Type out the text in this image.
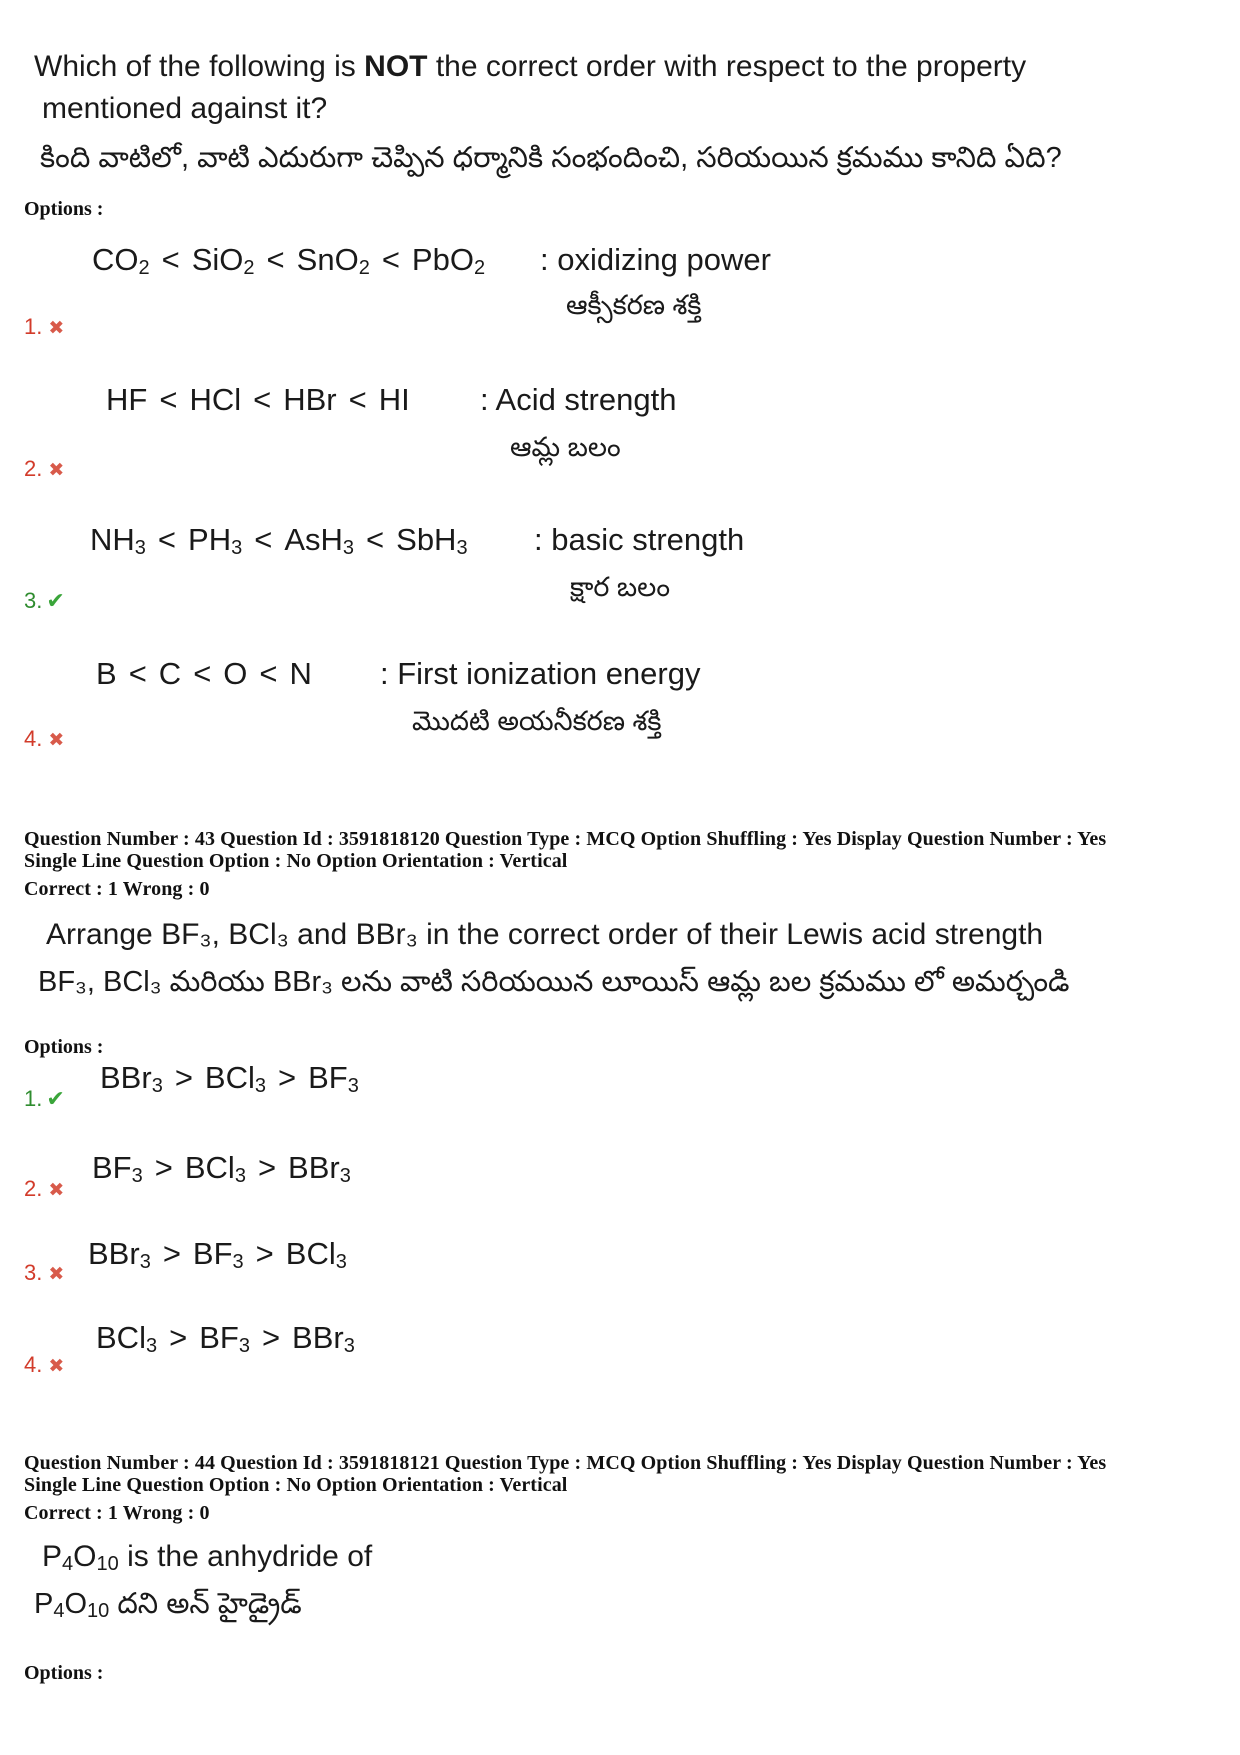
Which of the following is NOT the correct order with respect to the property
mentioned against it?
కింది వాటిలో, వాటి ఎదురుగా చెప్పిన ధర్మానికి సంభందించి, సరియయిన క్రమము కానిది ఏది?
Options :
$CO_2 < SiO_2 < SnO_2 < PbO_2$ : oxidizing power
ఆక్సీకరణ శక్తి
1. ✖
HF < HCl < HBr < HI : Acid strength
ఆమ్ల బలం
2. ✖
$NH_3 < PH_3 < AsH_3 < SbH_3$ : basic strength
క్షార బలం
3. ✔
B < C < O < N : First ionization energy
మొదటి అయనీకరణ శక్తి
4. ✖
Question Number : 43 Question Id : 3591818120 Question Type : MCQ Option Shuffling : Yes Display Question Number : Yes
Single Line Question Option : No Option Orientation : Vertical
Correct : 1 Wrong : 0
Arrange BF₃, BCl₃ and BBr₃ in the correct order of their Lewis acid strength
BF₃, BCl₃ మరియు BBr₃ లను వాటి సరియయిన లూయిస్ ఆమ్ల బల క్రమము లో అమర్చండి
Options :
$BBr_3 > BCl_3 > BF_3$
1. ✔
$BF_3 > BCl_3 > BBr_3$
2. ✖
$BBr_3 > BF_3 > BCl_3$
3. ✖
$BCl_3 > BF_3 > BBr_3$
4. ✖
Question Number : 44 Question Id : 3591818121 Question Type : MCQ Option Shuffling : Yes Display Question Number : Yes
Single Line Question Option : No Option Orientation : Vertical
Correct : 1 Wrong : 0
$P_4O_{10}$ is the anhydride of
$P_4O_{10}$ దని అన్ హైడ్రైడ్
Options :
